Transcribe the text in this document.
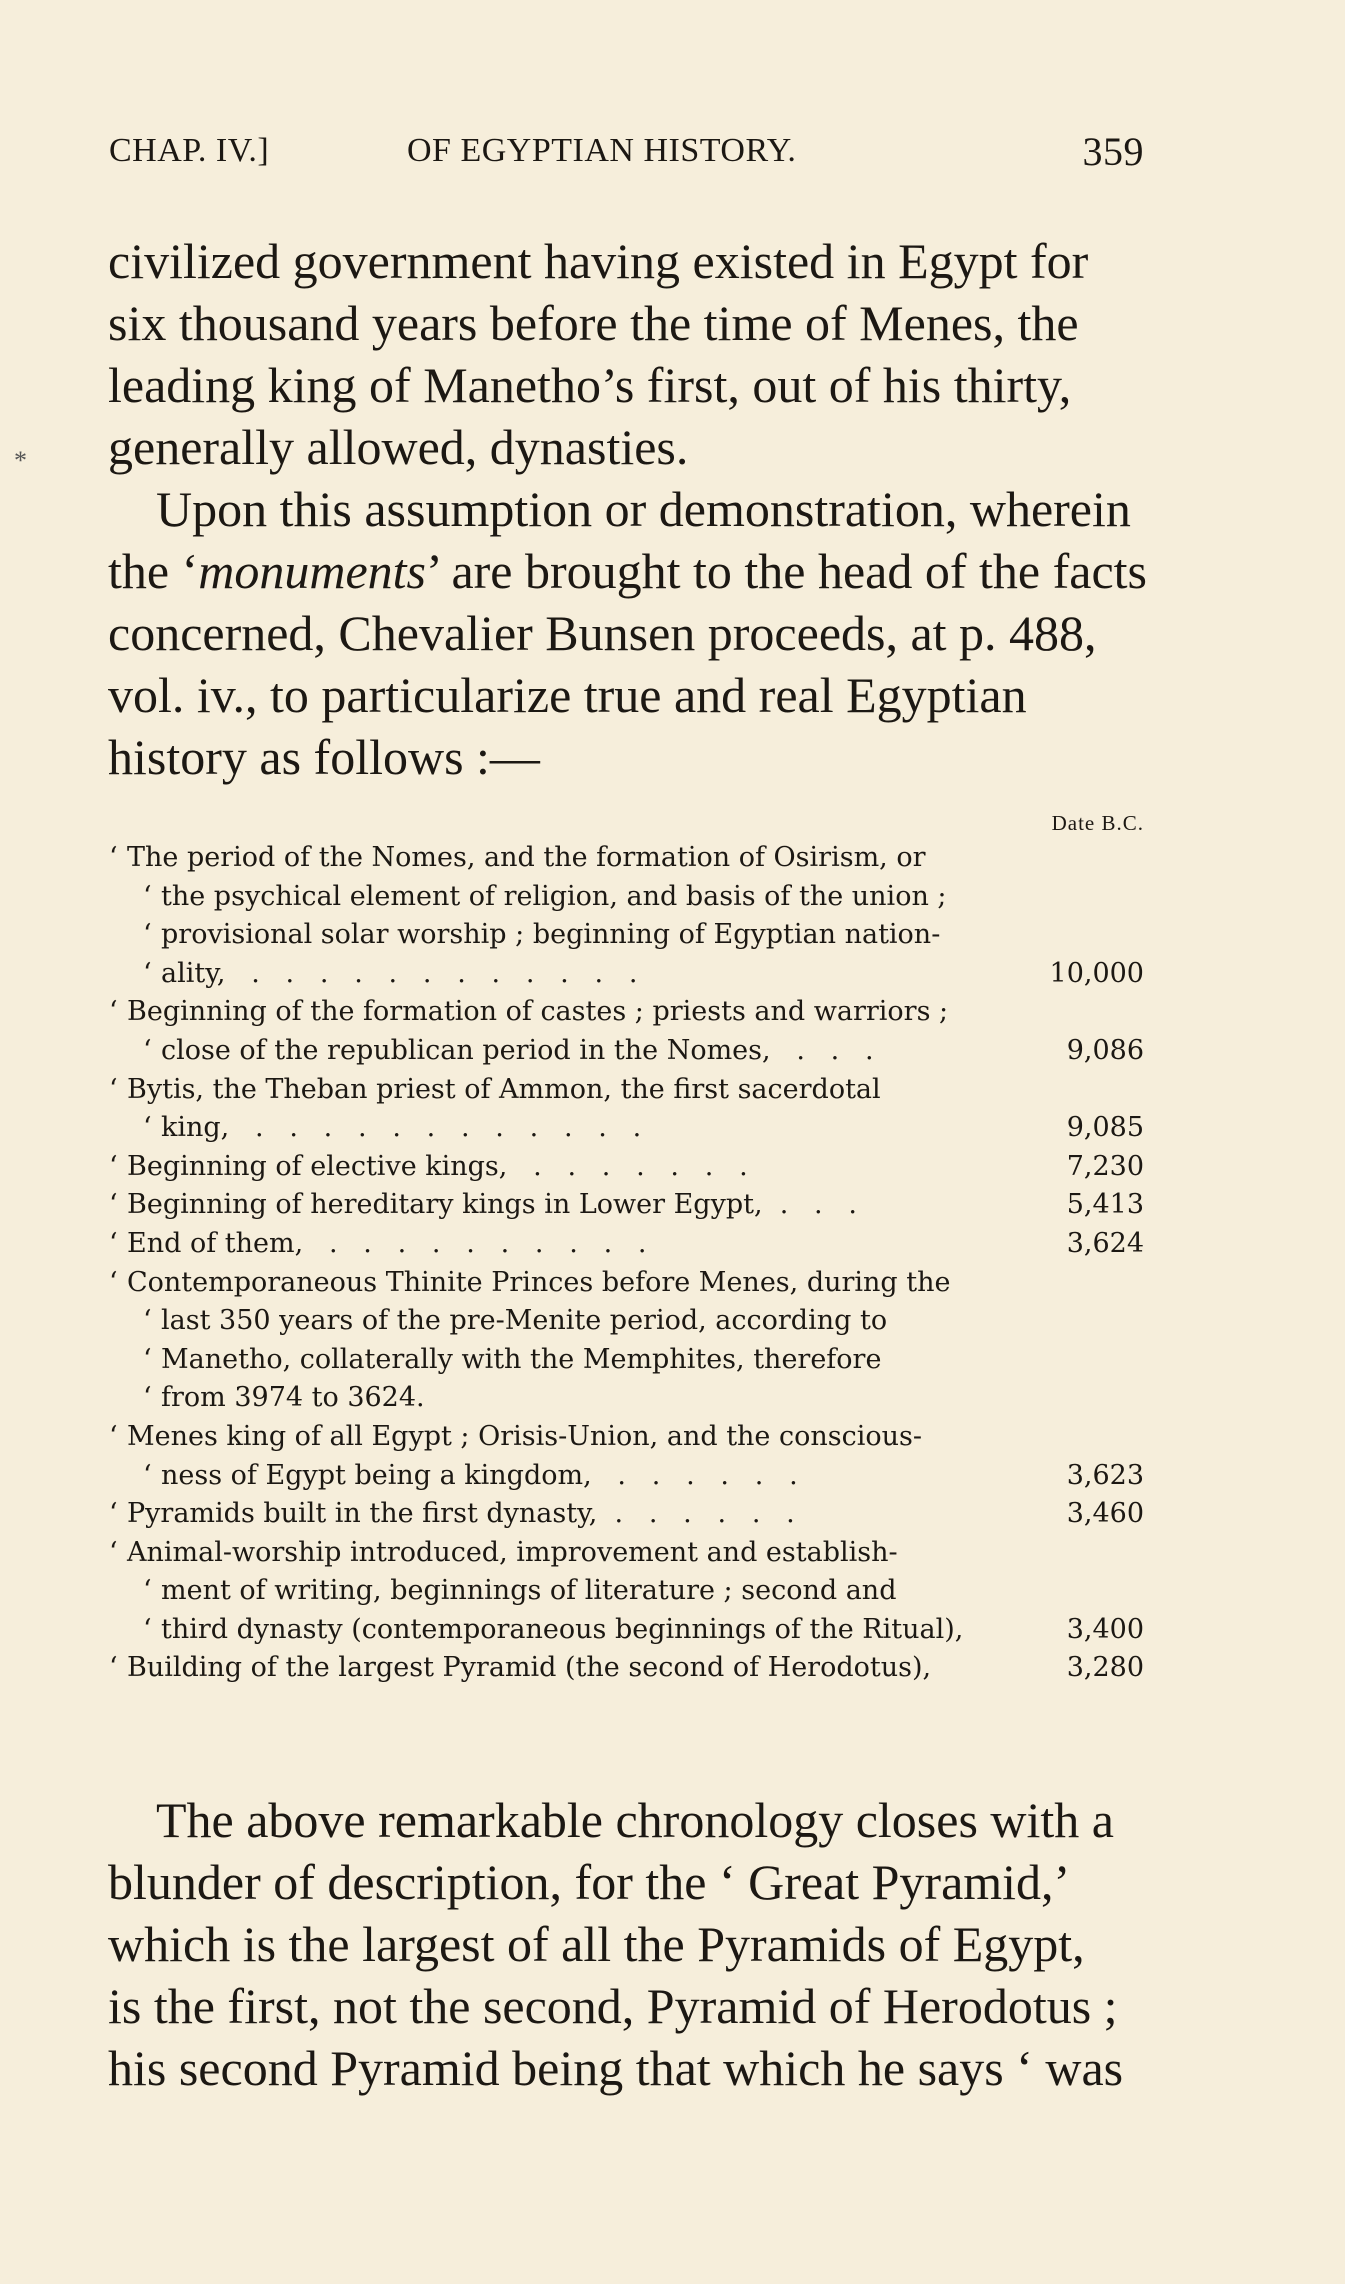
CHAP. IV.]	OF EGYPTIAN HISTORY.	359
*
civilized government having existed in Egypt for
six thousand years before the time of Menes, the
leading king of Manetho’s first, out of his thirty,
generally allowed, dynasties.
Upon this assumption or demonstration, wherein
the ‘ monuments ’ are brought to the head of the facts
concerned, Chevalier Bunsen proceeds, at p. 488,
vol. iv., to particularize true and real Egyptian
history as follows :—
Date B.C.
‘ The period of the Nomes, and the formation of Osirism, or
‘ the psychical element of religion, and basis of the union ;
‘ provisional solar worship ; beginning of Egyptian nation-
‘ ality,   .   .   .   .   .   .   .   .   .   .   .   .	10,000
‘ Beginning of the formation of castes ; priests and warriors ;
‘ close of the republican period in the Nomes,   .   .   .	9,086
‘ Bytis, the Theban priest of Ammon, the first sacerdotal
‘ king,   .   .   .   .   .   .   .   .   .   .   .   .	9,085
‘ Beginning of elective kings,   .   .   .   .   .   .   .	7,230
‘ Beginning of hereditary kings in Lower Egypt,  .   .   .	5,413
‘ End of them,   .   .   .   .   .   .   .   .   .   .	3,624
‘ Contemporaneous Thinite Princes before Menes, during the
‘ last 350 years of the pre-Menite period, according to
‘ Manetho, collaterally with the Memphites, therefore
‘ from 3974 to 3624.
‘ Menes king of all Egypt ; Orisis-Union, and the conscious-
‘ ness of Egypt being a kingdom,   .   .   .   .   .   .	3,623
‘ Pyramids built in the first dynasty,  .   .   .   .   .   .	3,460
‘ Animal-worship introduced, improvement and establish-
‘ ment of writing, beginnings of literature ; second and
‘ third dynasty (contemporaneous beginnings of the Ritual),	3,400
‘ Building of the largest Pyramid (the second of Herodotus),	3,280
The above remarkable chronology closes with a
blunder of description, for the ‘ Great Pyramid,’
which is the largest of all the Pyramids of Egypt,
is the first, not the second, Pyramid of Herodotus ;
his second Pyramid being that which he says ‘ was
